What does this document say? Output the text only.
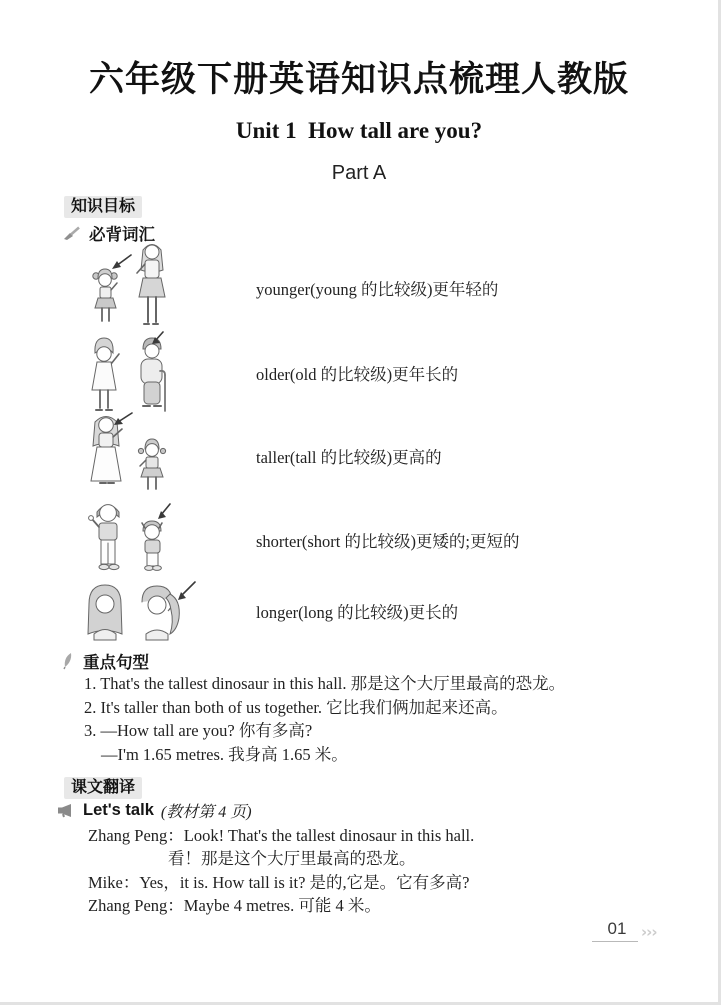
六年级下册英语知识点梳理人教版
Unit 1  How tall are you?
Part A
知识目标
必背词汇
younger(young 的比较级)更年轻的
older(old 的比较级)更年长的
taller(tall 的比较级)更高的
shorter(short 的比较级)更矮的;更短的
longer(long 的比较级)更长的
重点句型
1. That's the tallest dinosaur in this hall. 那是这个大厅里最高的恐龙。
2. It's taller than both of us together. 它比我们俩加起来还高。
3. —How tall are you? 你有多高?
—I'm 1.65 metres. 我身高 1.65 米。
课文翻译
Let's talk (教材第 4 页)
Zhang Peng：Look! That's the tallest dinosaur in this hall.
看！那是这个大厅里最高的恐龙。
Mike：Yes，it is. How tall is it? 是的,它是。它有多高?
Zhang Peng：Maybe 4 metres. 可能 4 米。
01 ›››
